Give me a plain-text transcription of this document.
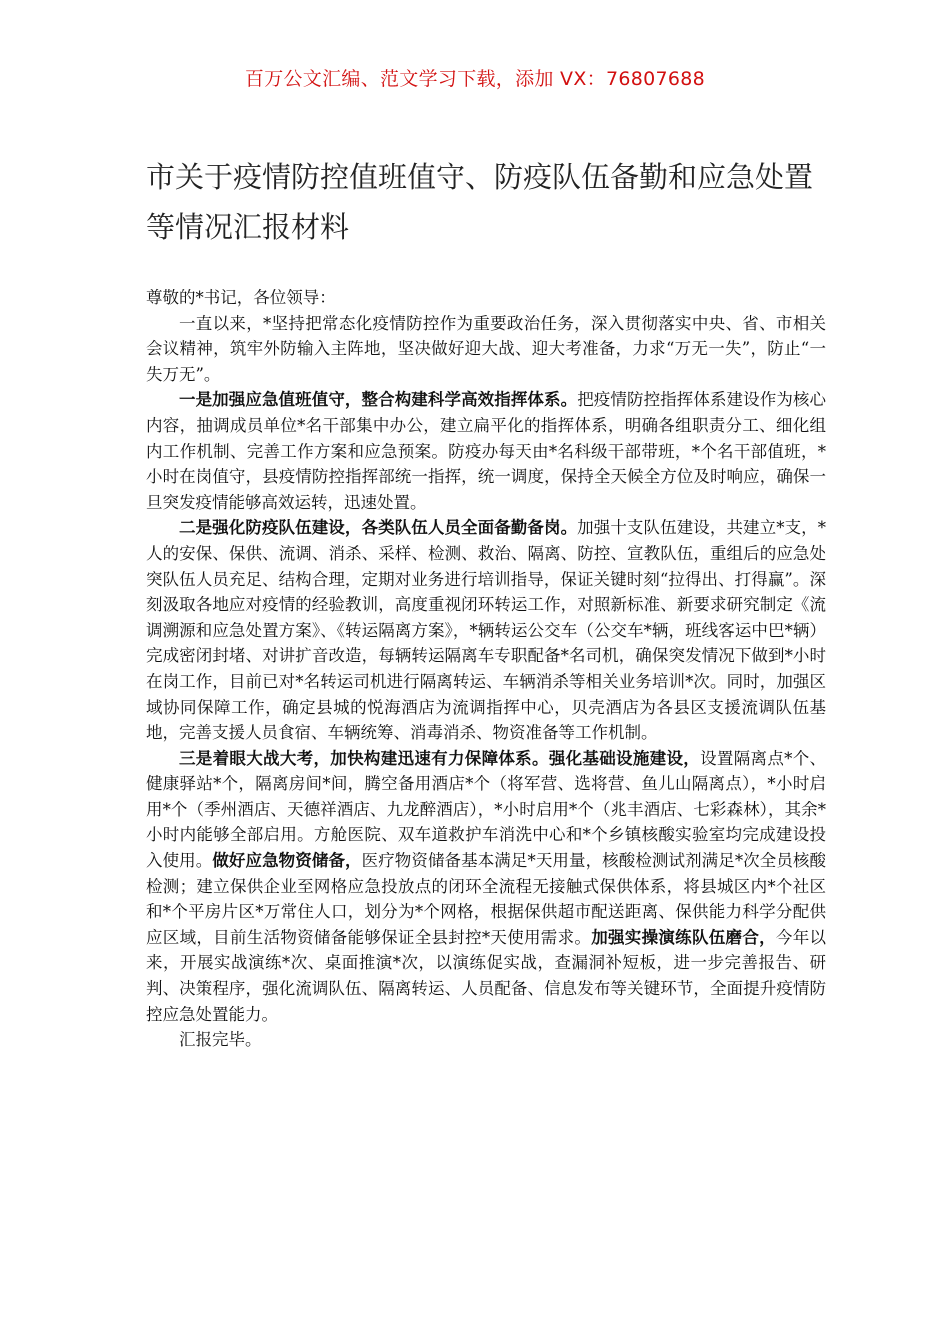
百万公文汇编、范文学习下载，添加 VX：76807688
市关于疫情防控值班值守、防疫队伍备勤和应急处置等情况汇报材料

尊敬的*书记，各位领导：

一直以来，*坚持把常态化疫情防控作为重要政治任务，深入贯彻落实中央、省、市相关会议精神，筑牢外防输入主阵地，坚决做好迎大战、迎大考准备，力求“万无一失”，防止“一失万无”。

一是加强应急值班值守，整合构建科学高效指挥体系。把疫情防控指挥体系建设作为核心内容，抽调成员单位*名干部集中办公，建立扁平化的指挥体系，明确各组职责分工、细化组内工作机制、完善工作方案和应急预案。防疫办每天由*名科级干部带班，*个名干部值班，*小时在岗值守，县疫情防控指挥部统一指挥，统一调度，保持全天候全方位及时响应，确保一旦突发疫情能够高效运转，迅速处置。

二是强化防疫队伍建设，各类队伍人员全面备勤备岗。加强十支队伍建设，共建立*支，*人的安保、保供、流调、消杀、采样、检测、救治、隔离、防控、宣教队伍，重组后的应急处突队伍人员充足、结构合理，定期对业务进行培训指导，保证关键时刻“拉得出、打得赢”。深刻汲取各地应对疫情的经验教训，高度重视闭环转运工作，对照新标准、新要求研究制定《流调溯源和应急处置方案》、《转运隔离方案》，*辆转运公交车（公交车*辆，班线客运中巴*辆）完成密闭封堵、对讲扩音改造，每辆转运隔离车专职配备*名司机，确保突发情况下做到*小时在岗工作，目前已对*名转运司机进行隔离转运、车辆消杀等相关业务培训*次。同时，加强区域协同保障工作，确定县城的悦海酒店为流调指挥中心，贝壳酒店为各县区支援流调队伍基地，完善支援人员食宿、车辆统筹、消毒消杀、物资准备等工作机制。

三是着眼大战大考，加快构建迅速有力保障体系。强化基础设施建设，设置隔离点*个、健康驿站*个，隔离房间*间，腾空备用酒店*个（将军营、选将营、鱼儿山隔离点），*小时启用*个（季州酒店、天德祥酒店、九龙醉酒店），*小时启用*个（兆丰酒店、七彩森林），其余*小时内能够全部启用。方舱医院、双车道救护车消洗中心和*个乡镇核酸实验室均完成建设投入使用。做好应急物资储备，医疗物资储备基本满足*天用量，核酸检测试剂满足*次全员核酸检测；建立保供企业至网格应急投放点的闭环全流程无接触式保供体系，将县城区内*个社区和*个平房片区*万常住人口，划分为*个网格，根据保供超市配送距离、保供能力科学分配供应区域，目前生活物资储备能够保证全县封控*天使用需求。加强实操演练队伍磨合，今年以来，开展实战演练*次、桌面推演*次，以演练促实战，查漏洞补短板，进一步完善报告、研判、决策程序，强化流调队伍、隔离转运、人员配备、信息发布等关键环节，全面提升疫情防控应急处置能力。

汇报完毕。
